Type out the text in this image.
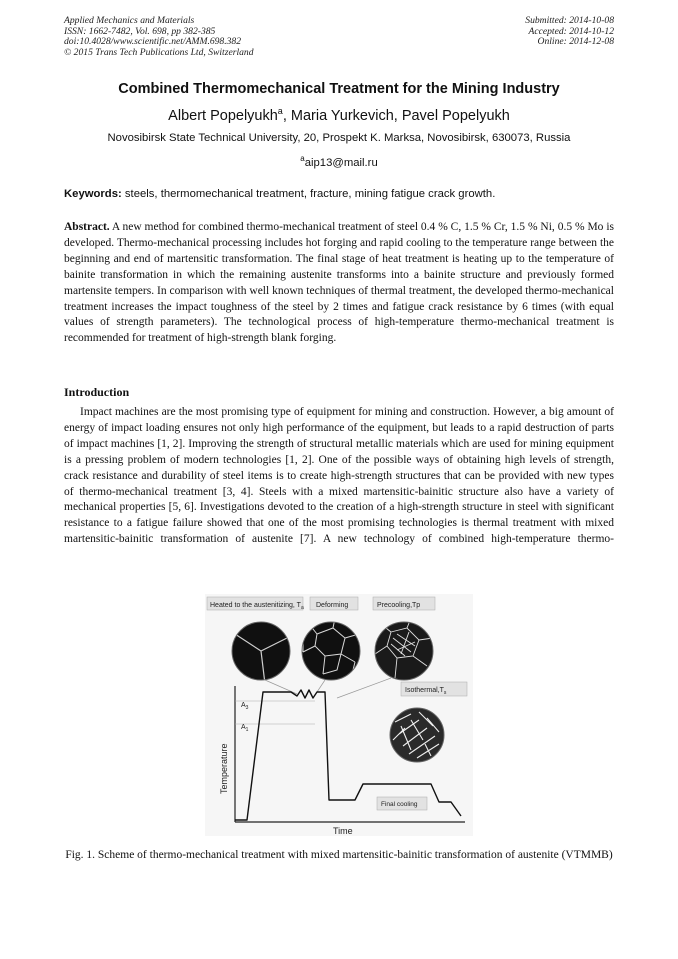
Applied Mechanics and Materials
ISSN: 1662-7482, Vol. 698, pp 382-385
doi:10.4028/www.scientific.net/AMM.698.382
© 2015 Trans Tech Publications Ltd, Switzerland
Submitted: 2014-10-08
Accepted: 2014-10-12
Online: 2014-12-08
Combined Thermomechanical Treatment for the Mining Industry
Albert Popelyukh$^a$, Maria Yurkevich, Pavel Popelyukh
Novosibirsk State Technical University, 20, Prospekt K. Marksa, Novosibirsk, 630073, Russia
$^a$aip13@mail.ru
Keywords: steels, thermomechanical treatment, fracture, mining fatigue crack growth.
Abstract. A new method for combined thermo-mechanical treatment of steel 0.4 % C, 1.5 % Cr, 1.5 % Ni, 0.5 % Mo is developed. Thermo-mechanical processing includes hot forging and rapid cooling to the temperature range between the beginning and end of martensitic transformation. The final stage of heat treatment is heating up to the temperature of bainite transformation in which the remaining austenite transforms into a bainite structure and previously formed martensite tempers. In comparison with well known techniques of thermal treatment, the developed thermo-mechanical treatment increases the impact toughness of the steel by 2 times and fatigue crack resistance by 6 times (with equal values of strength parameters). The technological process of high-temperature thermo-mechanical treatment is recommended for treatment of high-strength blank forging.
Introduction
Impact machines are the most promising type of equipment for mining and construction. However, a big amount of energy of impact loading ensures not only high performance of the equipment, but leads to a rapid destruction of parts of impact machines [1, 2]. Improving the strength of structural metallic materials which are used for mining equipment is a pressing problem of modern technologies [1, 2]. One of the possible ways of obtaining high levels of strength, crack resistance and durability of steel items is to create high-strength structures that can be provided with new types of thermo-mechanical treatment [3, 4]. Steels with a mixed martensitic-bainitic structure also have a variety of mechanical properties [5, 6]. Investigations devoted to the creation of a high-strength structure in steel with significant resistance to a fatigue failure showed that one of the most promising technologies is thermal treatment with mixed martensitic-bainitic transformation of austenite [7]. A new technology of combined high-temperature thermo-
Heated to the austenitizing, $T_a$ Deforming	Precooling,Tp
$Isothermal,T_s$
$A_3$
$A_1$
Temperature
Time
Final cooling
Fig. 1. Scheme of thermo-mechanical treatment with mixed martensitic-bainitic transformation of austenite (VTMMB)
